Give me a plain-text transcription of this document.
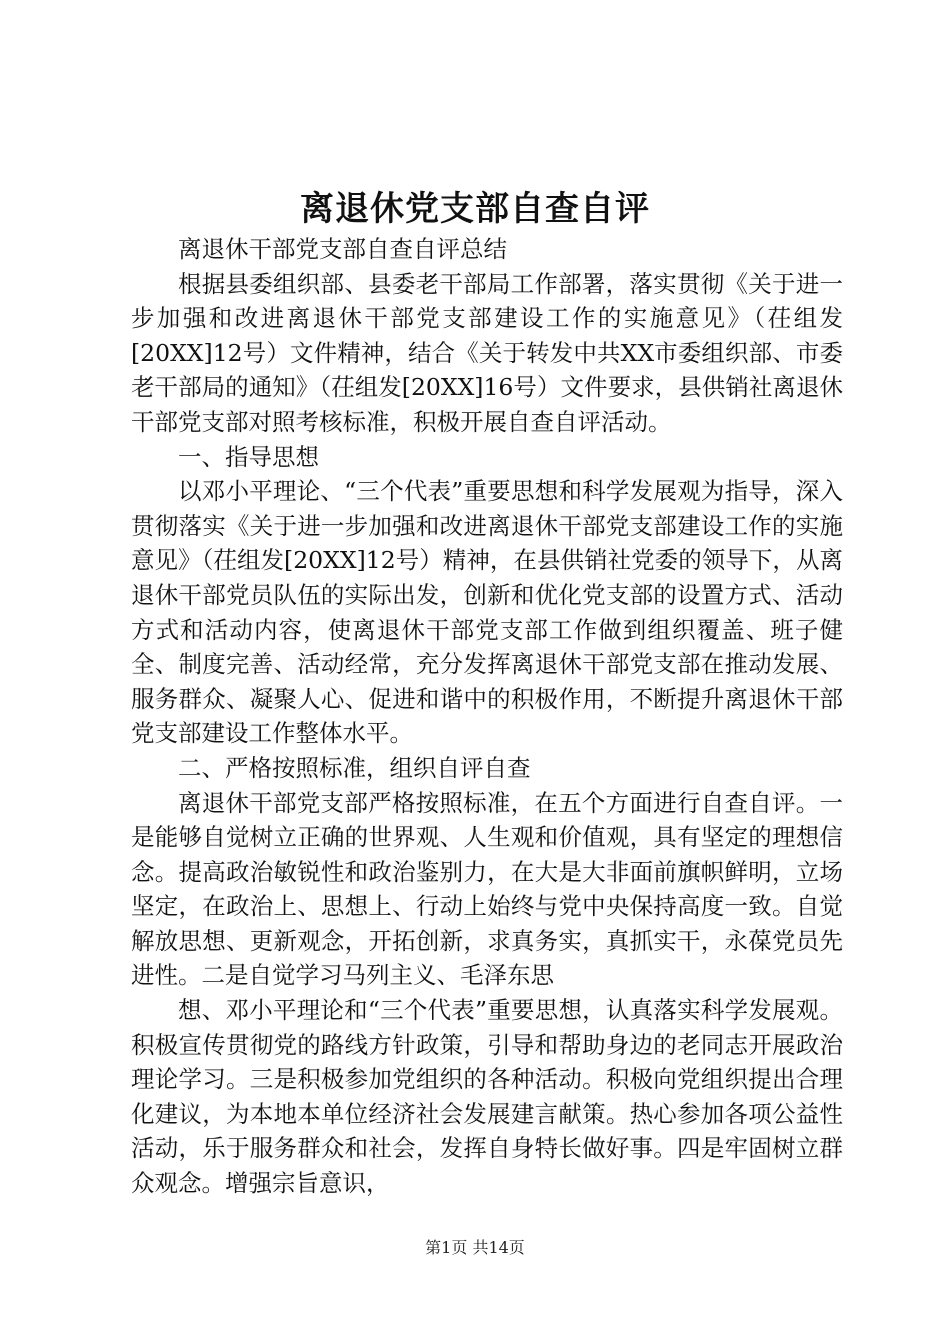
离退休党支部自查自评

离退休干部党支部自查自评总结

根据县委组织部、县委老干部局工作部署，落实贯彻《关于进一步加强和改进离退休干部党支部建设工作的实施意见》（茌组发[20XX]12号）文件精神，结合《关于转发中共XX市委组织部、市委老干部局的通知》（茌组发[20XX]16号）文件要求，县供销社离退休干部党支部对照考核标准，积极开展自查自评活动。

一、指导思想

以邓小平理论、“三个代表”重要思想和科学发展观为指导，深入贯彻落实《关于进一步加强和改进离退休干部党支部建设工作的实施意见》（茌组发[20XX]12号）精神，在县供销社党委的领导下，从离退休干部党员队伍的实际出发，创新和优化党支部的设置方式、活动方式和活动内容，使离退休干部党支部工作做到组织覆盖、班子健全、制度完善、活动经常，充分发挥离退休干部党支部在推动发展、服务群众、凝聚人心、促进和谐中的积极作用，不断提升离退休干部党支部建设工作整体水平。

二、严格按照标准，组织自评自查

离退休干部党支部严格按照标准，在五个方面进行自查自评。一是能够自觉树立正确的世界观、人生观和价值观，具有坚定的理想信念。提高政治敏锐性和政治鉴别力，在大是大非面前旗帜鲜明，立场坚定，在政治上、思想上、行动上始终与党中央保持高度一致。自觉解放思想、更新观念，开拓创新，求真务实，真抓实干，永葆党员先进性。二是自觉学习马列主义、毛泽东思

想、邓小平理论和“三个代表”重要思想，认真落实科学发展观。积极宣传贯彻党的路线方针政策，引导和帮助身边的老同志开展政治理论学习。三是积极参加党组织的各种活动。积极向党组织提出合理化建议，为本地本单位经济社会发展建言献策。热心参加各项公益性活动，乐于服务群众和社会，发挥自身特长做好事。四是牢固树立群众观念。增强宗旨意识，

第1页 共14页
